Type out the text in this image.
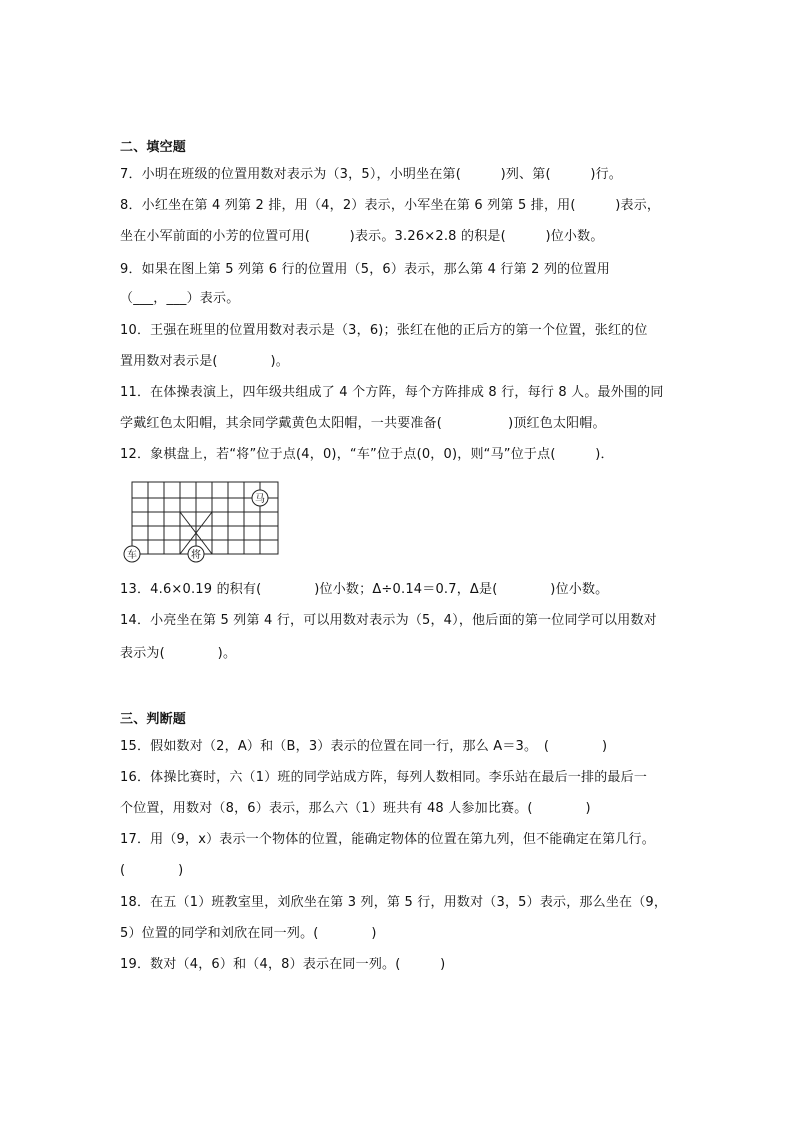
二、填空题
7．小明在班级的位置用数对表示为（3，5），小明坐在第(　　　)列、第(　　　)行。
8．小红坐在第 4 列第 2 排，用（4，2）表示，小军坐在第 6 列第 5 排，用(　　　)表示，
坐在小军前面的小芳的位置可用(　　　)表示。3.26×2.8 的积是(　　　)位小数。
9．如果在图上第 5 列第 6 行的位置用（5，6）表示，那么第 4 行第 2 列的位置用
（___，___）表示。
10．王强在班里的位置用数对表示是（3，6)；张红在他的正后方的第一个位置，张红的位
置用数对表示是(　　　　)。
11．在体操表演上，四年级共组成了 4 个方阵，每个方阵排成 8 行，每行 8 人。最外围的同
学戴红色太阳帽，其余同学戴黄色太阳帽，一共要准备(　　　　　)顶红色太阳帽。
12．象棋盘上，若“将”位于点(4，0)，“车”位于点(0，0)，则“马”位于点(　　　)．
马
车	将
13．4.6×0.19 的积有(　　　　)位小数；Δ÷0.14＝0.7，Δ是(　　　　)位小数。
14．小亮坐在第 5 列第 4 行，可以用数对表示为（5，4），他后面的第一位同学可以用数对
表示为(　　　　)。
三、判断题
15．假如数对（2，A）和（B，3）表示的位置在同一行，那么 A＝3。　(　　　　)
16．体操比赛时，六（1）班的同学站成方阵，每列人数相同。李乐站在最后一排的最后一
个位置，用数对（8，6）表示，那么六（1）班共有 48 人参加比赛。(　　　　)
17．用（9，x）表示一个物体的位置，能确定物体的位置在第九列，但不能确定在第几行。
(　　　　)
18．在五（1）班教室里，刘欣坐在第 3 列，第 5 行，用数对（3，5）表示，那么坐在（9，
5）位置的同学和刘欣在同一列。(　　　　)
19．数对（4，6）和（4，8）表示在同一列。(　　　)
